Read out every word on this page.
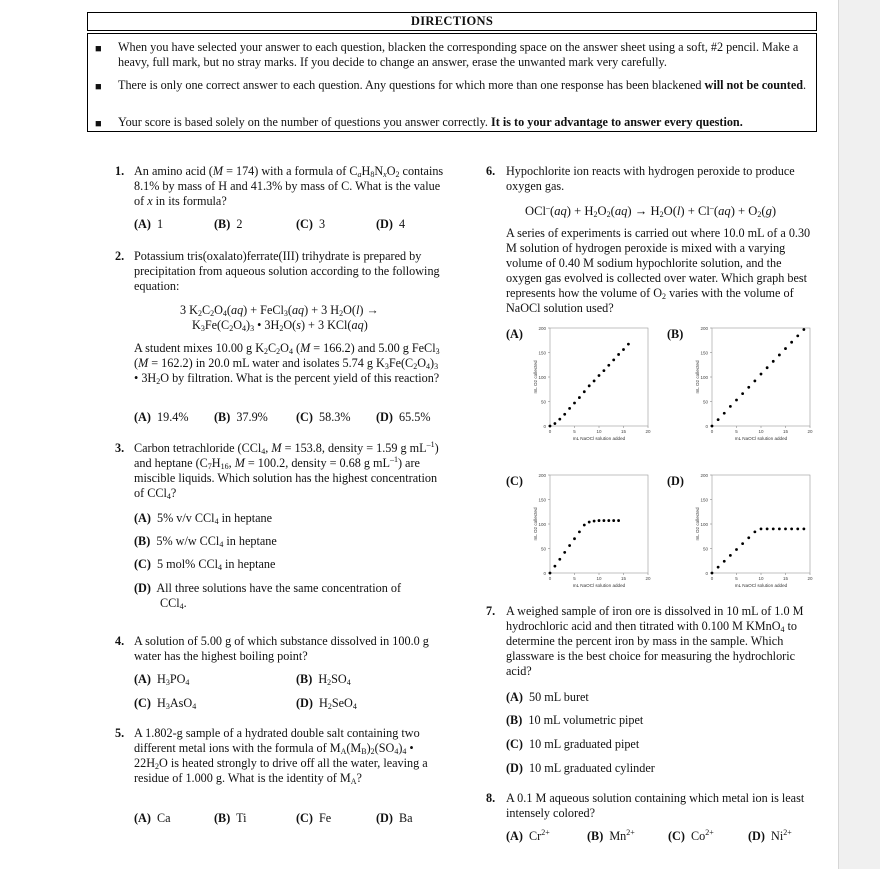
DIRECTIONS
■ When you have selected your answer to each question, blacken the corresponding space on the answer sheet using a soft, #2 pencil. Make a heavy, full mark, but no stray marks. If you decide to change an answer, erase the unwanted mark very carefully.
■ There is only one correct answer to each question. Any questions for which more than one response has been blackened will not be counted.
■ Your score is based solely on the number of questions you answer correctly. It is to your advantage to answer every question.
1. An amino acid (M = 174) with a formula of $C_aH_8N_xO_2$ contains 8.1% by mass of H and 41.3% by mass of C. What is the value of x in its formula?
(A)  1	(B)  2	(C)  3	(D)  4
2. Potassium tris(oxalato)ferrate(III) trihydrate is prepared by precipitation from aqueous solution according to the following equation:
3 $K_2C_2O_4(aq)$ + FeCl$_3$(aq) + 3 $H_2O(l)$ →
$K_3Fe(C_2O_4)_3$ • $3H_2O(s) + 3$ KCl(aq)
A student mixes 10.00 g $K_2C_2O_4$ (M = 166.2) and 5.00 g FeCl$_3$ (M = 162.2) in 20.0 mL water and isolates 5.74 g $K_3Fe(C_2O_4)_3$ • $3H_2O$ by filtration. What is the percent yield of this reaction?
(A)  19.4% (B)  37.9% (C)  58.3% (D)  65.5%
3. Carbon tetrachloride (CCl$_4$, M = 153.8, density = 1.59 g $mL^{-1}$) and heptane ($C_7H_{16}$, M = 100.2, density = 0.68 g $mL^{-1}$) are miscible liquids. Which solution has the highest concentration of CCl$_4$?
(A)  5% v/v CCl$_4$ in heptane
(B)  5% w/w CCl$_4$ in heptane
(C)  5 mol% CCl$_4$ in heptane
(D)  All three solutions have the same concentration of
CCl$_4$.
4. A solution of 5.00 g of which substance dissolved in 100.0 g water has the highest boiling point?
(A)  $H_3PO_4$	(B)  $H_2SO_4$
(C)  $H_3AsO_4$	(D)  $H_2SeO_4$
5. A 1.802-g sample of a hydrated double salt containing two different metal ions with the formula of $M_A(M_B)_2(SO_4)_4$ • $22H_2O$ is heated strongly to drive off all the water, leaving a residue of 1.000 g. What is the identity of $M_A$?
(A)  Ca	(B)  Ti	(C)  Fe	(D)  Ba
6. Hypochlorite ion reacts with hydrogen peroxide to produce oxygen gas.
$OCl^-(aq) + H_2O_2(aq) \to H_2O(l) + Cl^-(aq) + O_2(g)$
A series of experiments is carried out where 10.0 mL of a 0.30 M solution of hydrogen peroxide is mixed with a varying volume of 0.40 M sodium hypochlorite solution, and the oxygen gas evolved is collected over water. Which graph best represents how the volume of $O_2$ varies with the volume of NaOCl solution used?
(A)	(B)
(C)	(D)
200
150
100
50
0
0	5	10	15	20
mL NaOCl solution added
mL O2 collected
200
150
100
50
0
0	5	10	15	20
mL NaOCl solution added
mL O2 collected
200
150
100
50
0
0	5	10	15	20
mL NaOCl solution added
mL O2 collected
200
150
100
50
0
0	5	10	15	20
mL NaOCl solution added
mL O2 collected
7. A weighed sample of iron ore is dissolved in 10 mL of 1.0 M hydrochloric acid and then titrated with 0.100 M KMnO$_4$ to determine the percent iron by mass in the sample. Which glassware is the best choice for measuring the hydrochloric acid?
(A)  50 mL buret
(B)  10 mL volumetric pipet
(C)  10 mL graduated pipet
(D)  10 mL graduated cylinder
8. A 0.1 M aqueous solution containing which metal ion is least intensely colored?
(A)  $Cr^{2+}$	(B)  $Mn^{2+}$	(C)  $Co^{2+}$	(D)  $Ni^{2+}$
